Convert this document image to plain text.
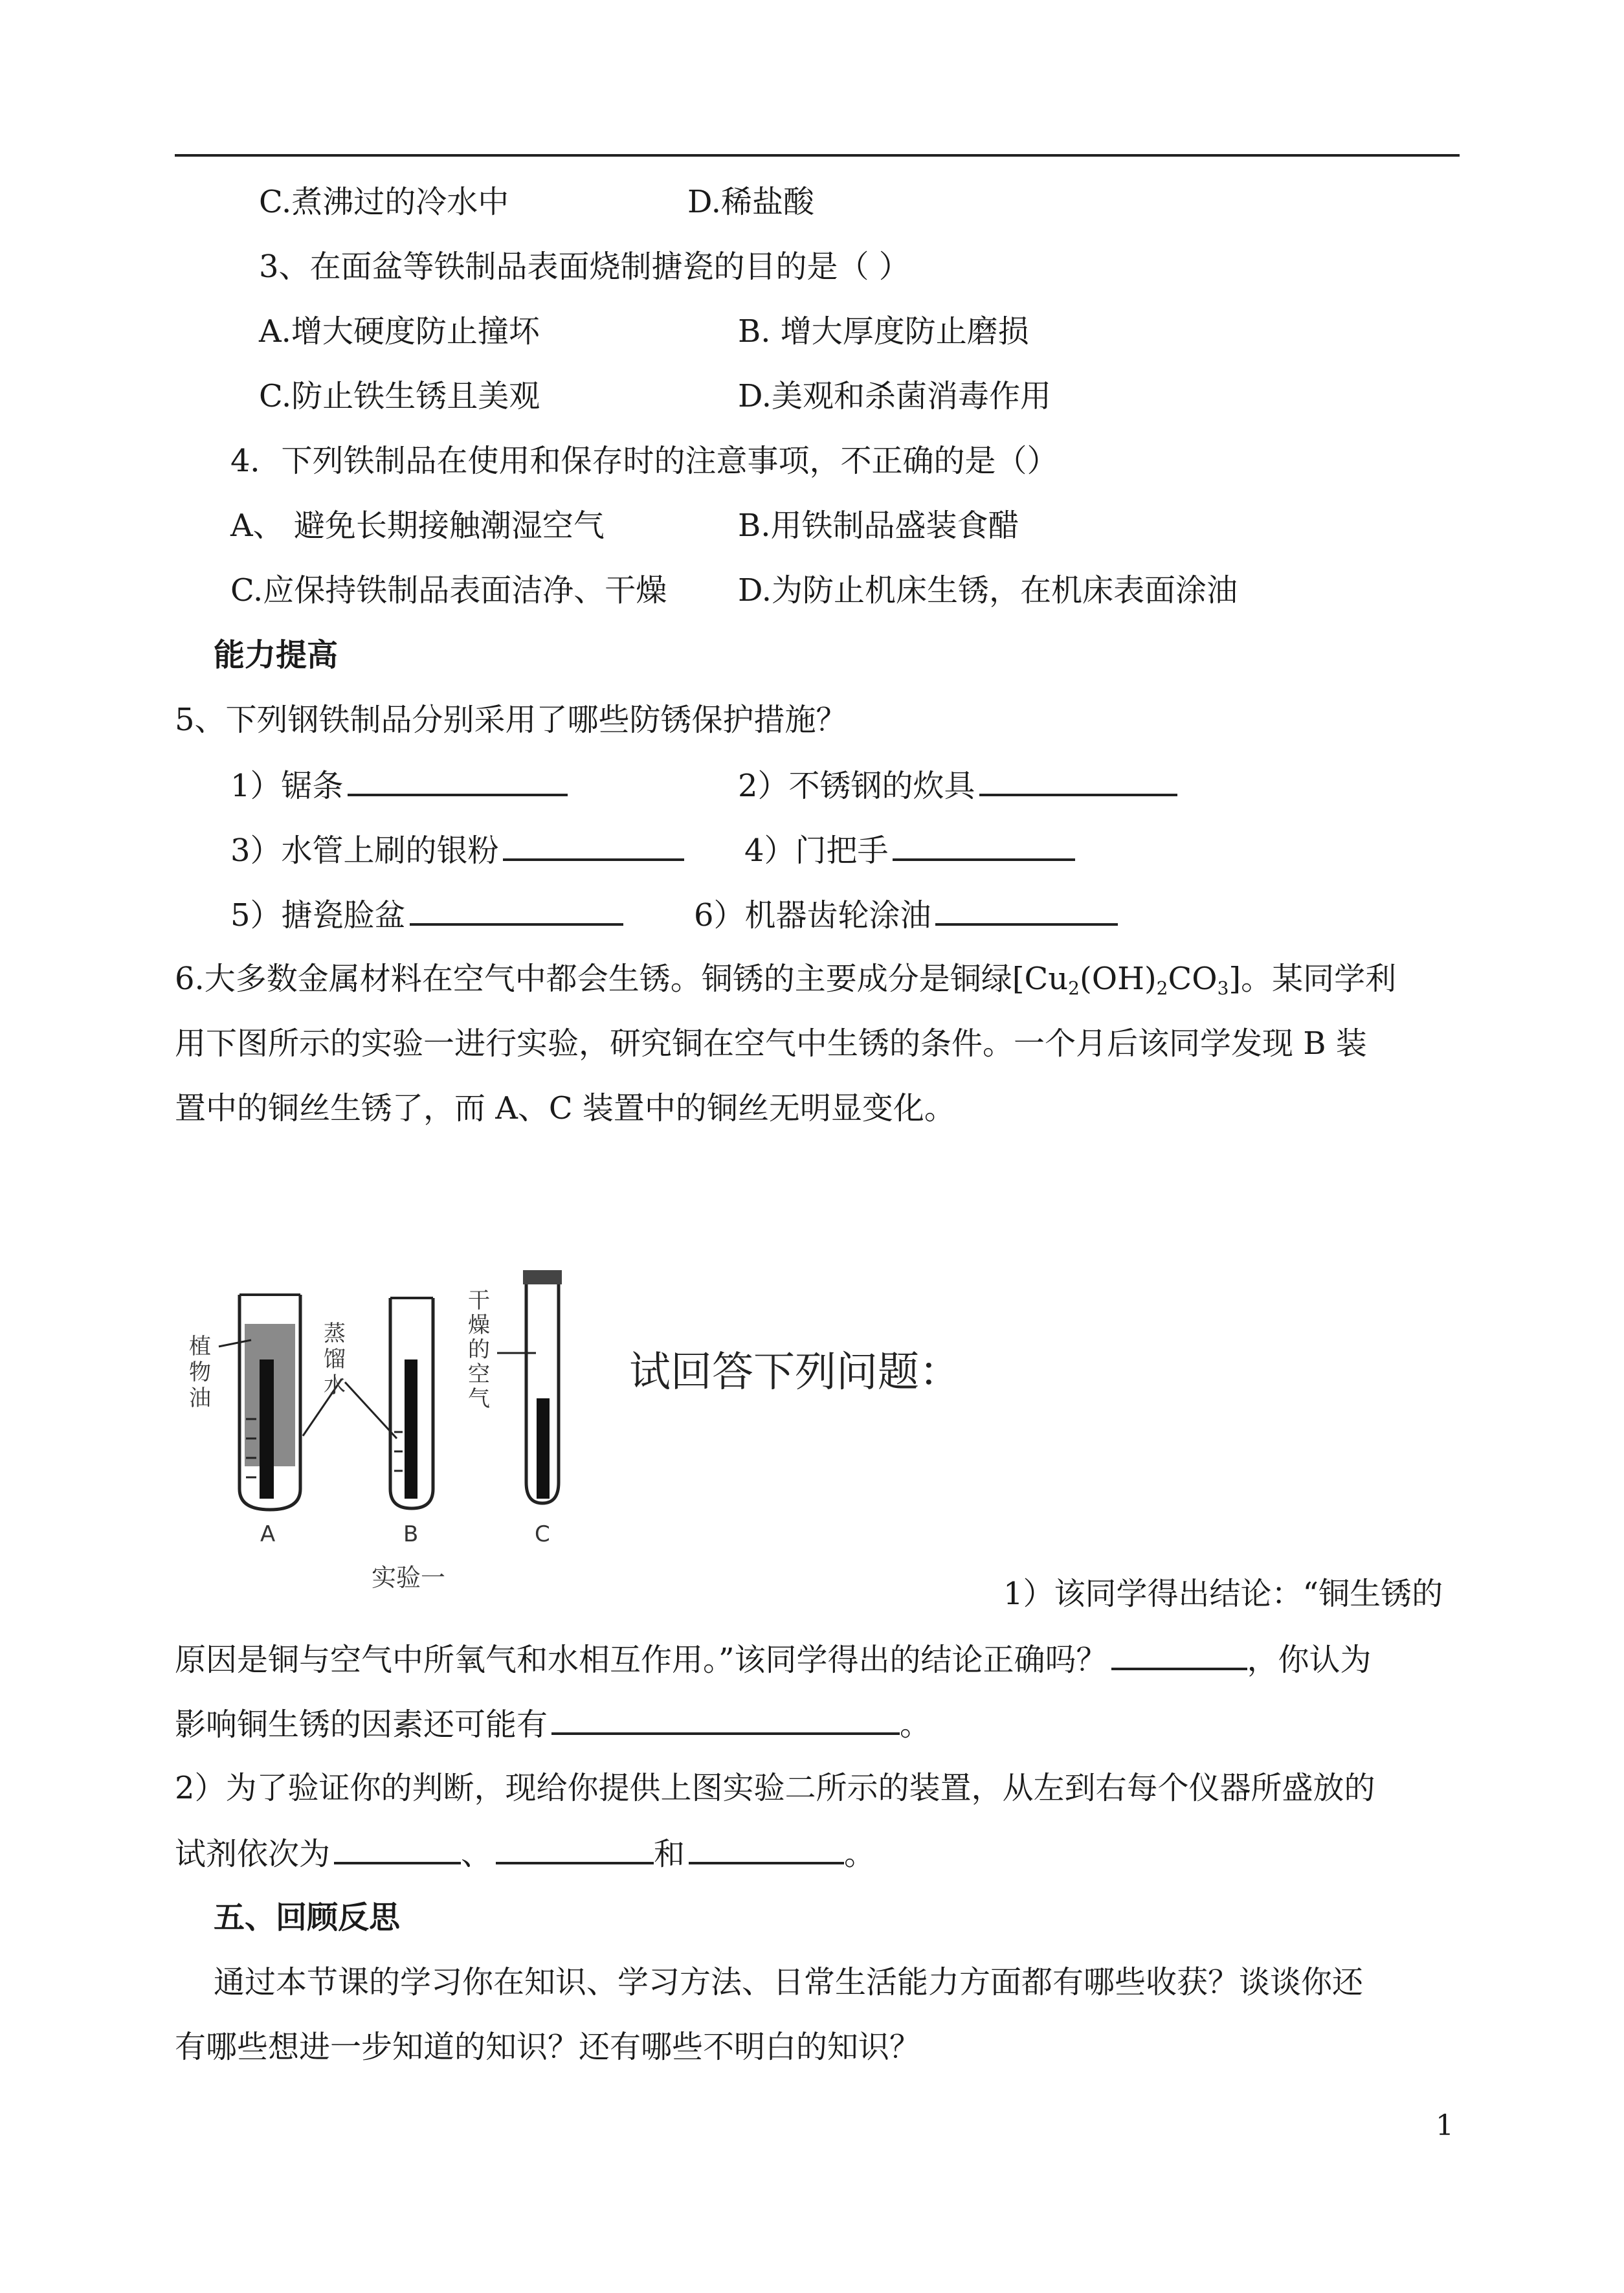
C.煮沸过的冷水中	D.稀盐酸
3、在面盆等铁制品表面烧制搪瓷的目的是（ ）
A.增大硬度防止撞坏	B. 增大厚度防止磨损
C.防止铁生锈且美观	D.美观和杀菌消毒作用
4．下列铁制品在使用和保存时的注意事项，不正确的是（）
A、 避免长期接触潮湿空气	B.用铁制品盛装食醋
C.应保持铁制品表面洁净、干燥 D.为防止机床生锈，在机床表面涂油
能力提高
5、下列钢铁制品分别采用了哪些防锈保护措施？
1）锯条	2）不锈钢的炊具
3）水管上刷的银粉	4）门把手
5）搪瓷脸盆	6）机器齿轮涂油
6.大多数金属材料在空气中都会生锈。铜锈的主要成分是铜绿$[Cu_2(OH)_2CO_3]$。某同学利
用下图所示的实验一进行实验，研究铜在空气中生锈的条件。一个月后该同学发现 B 装
置中的铜丝生锈了，而 A、C 装置中的铜丝无明显变化。
植物油
蒸馏水
干燥的空气
A	B	C
实验一
试回答下列问题：
1）该同学得出结论：“铜生锈的
原因是铜与空气中所氧气和水相互作用。”该同学得出的结论正确吗？	，你认为
影响铜生锈的因素还可能有	。
2）为了验证你的判断，现给你提供上图实验二所示的装置，从左到右每个仪器所盛放的
试剂依次为	、	和	。
五、回顾反思
通过本节课的学习你在知识、学习方法、日常生活能力方面都有哪些收获？谈谈你还
有哪些想进一步知道的知识？还有哪些不明白的知识？
1
